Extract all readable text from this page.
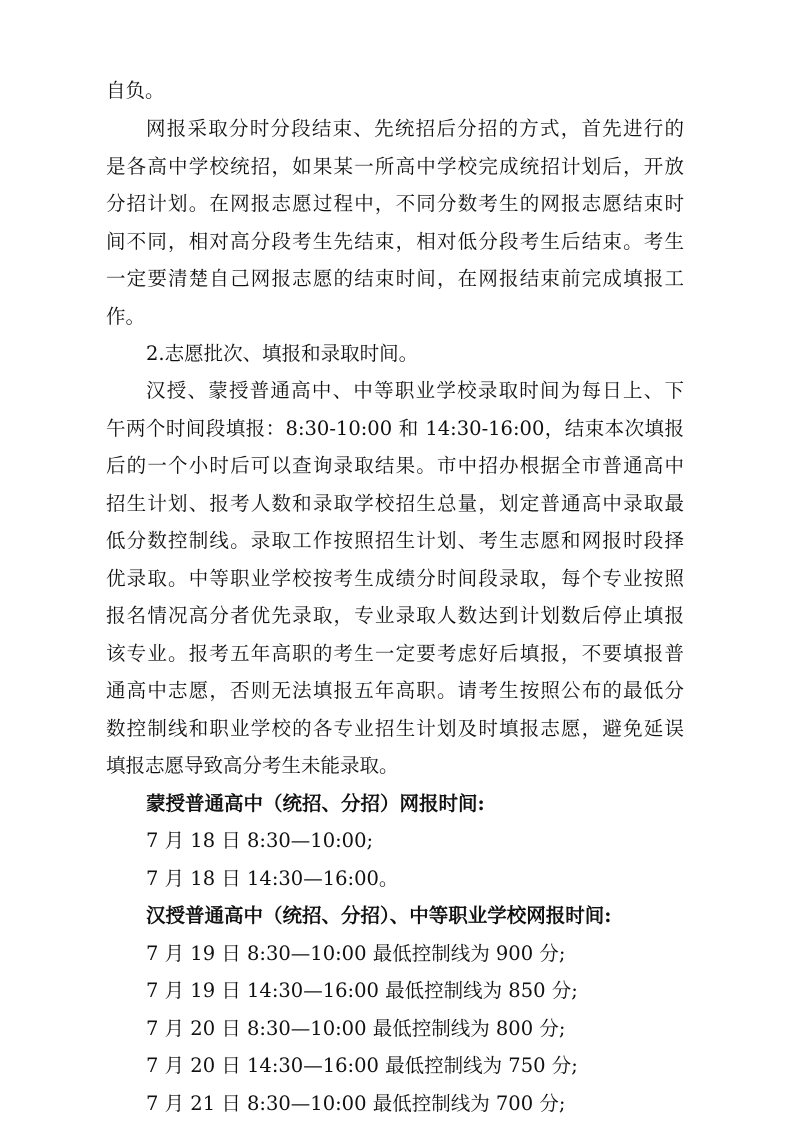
自负。
网报采取分时分段结束、先统招后分招的方式，首先进行的
是各高中学校统招，如果某一所高中学校完成统招计划后，开放
分招计划。在网报志愿过程中，不同分数考生的网报志愿结束时
间不同，相对高分段考生先结束，相对低分段考生后结束。考生
一定要清楚自己网报志愿的结束时间，在网报结束前完成填报工
作。
2.志愿批次、填报和录取时间。
汉授、蒙授普通高中、中等职业学校录取时间为每日上、下
午两个时间段填报：8:30-10:00 和 14:30-16:00，结束本次填报
后的一个小时后可以查询录取结果。市中招办根据全市普通高中
招生计划、报考人数和录取学校招生总量，划定普通高中录取最
低分数控制线。录取工作按照招生计划、考生志愿和网报时段择
优录取。中等职业学校按考生成绩分时间段录取，每个专业按照
报名情况高分者优先录取，专业录取人数达到计划数后停止填报
该专业。报考五年高职的考生一定要考虑好后填报，不要填报普
通高中志愿，否则无法填报五年高职。请考生按照公布的最低分
数控制线和职业学校的各专业招生计划及时填报志愿，避免延误
填报志愿导致高分考生未能录取。
蒙授普通高中（统招、分招）网报时间:
7 月 18 日 8:30—10:00;
7 月 18 日 14:30—16:00。
汉授普通高中（统招、分招）、中等职业学校网报时间:
7 月 19 日 8:30—10:00 最低控制线为 900 分;
7 月 19 日 14:30—16:00 最低控制线为 850 分;
7 月 20 日 8:30—10:00 最低控制线为 800 分;
7 月 20 日 14:30—16:00 最低控制线为 750 分;
7 月 21 日 8:30—10:00 最低控制线为 700 分;
